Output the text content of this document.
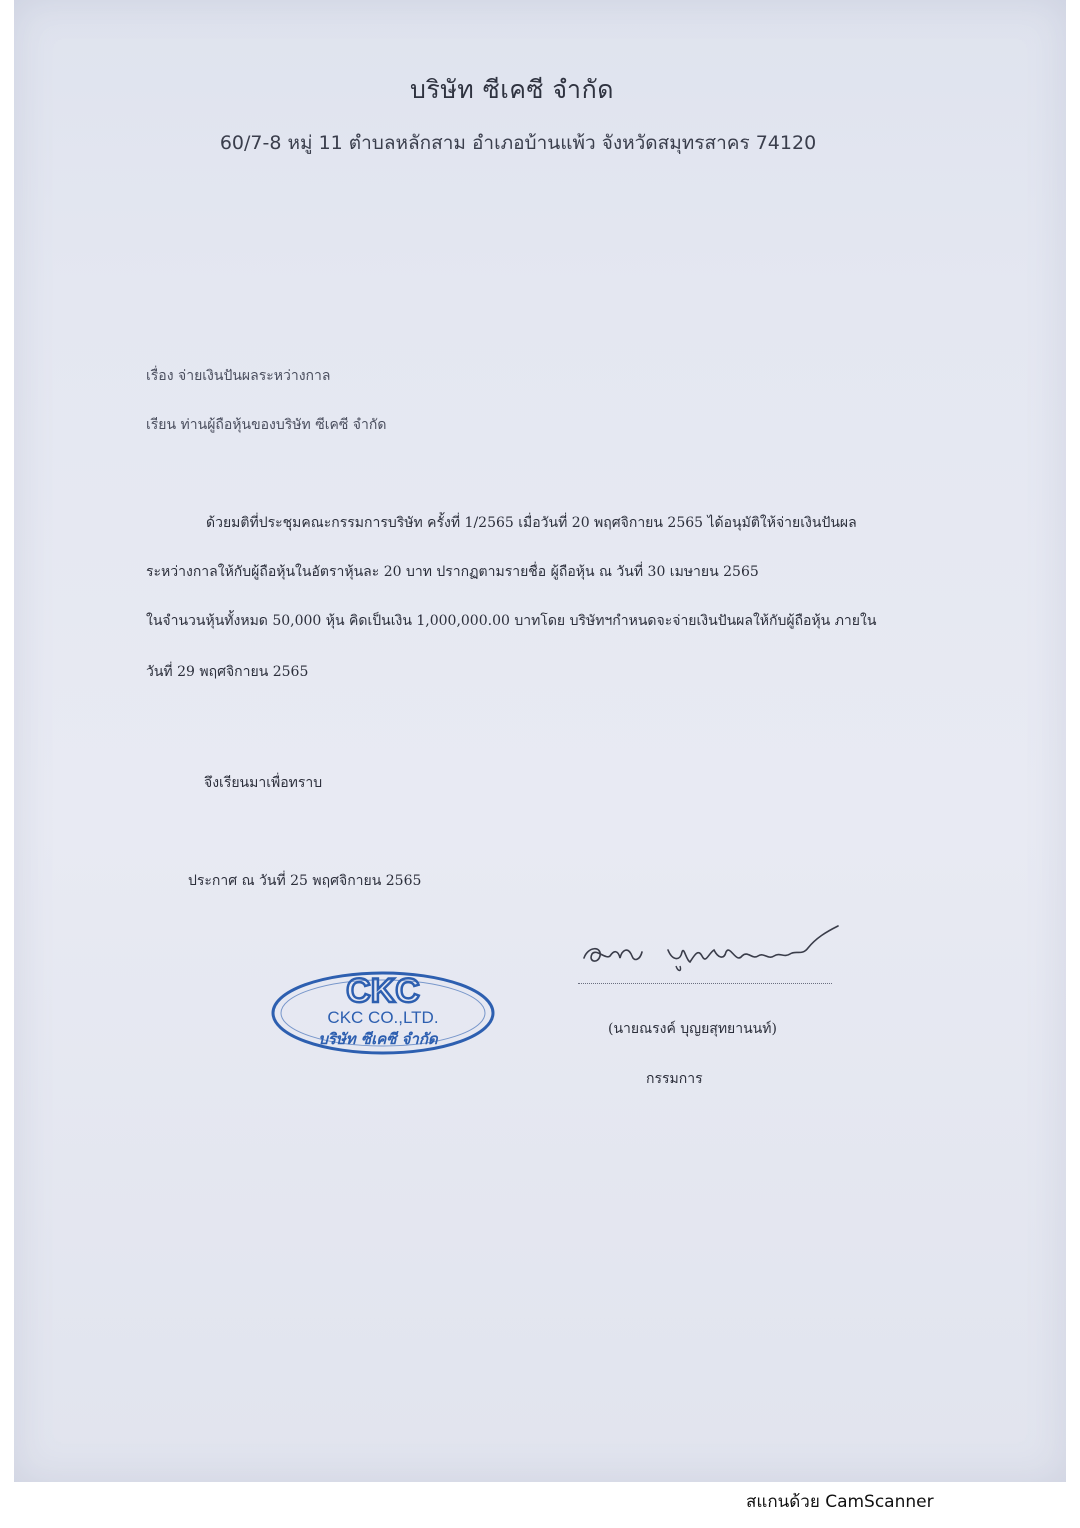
บริษัท ซีเคซี จำกัด
60/7-8 หมู่ 11 ตำบลหลักสาม อำเภอบ้านแพ้ว จังหวัดสมุทรสาคร 74120
เรื่อง จ่ายเงินปันผลระหว่างกาล
เรียน ท่านผู้ถือหุ้นของบริษัท ซีเคซี จำกัด
ด้วยมติที่ประชุมคณะกรรมการบริษัท ครั้งที่ 1/2565 เมื่อวันที่ 20 พฤศจิกายน 2565 ได้อนุมัติให้จ่ายเงินปันผล
ระหว่างกาลให้กับผู้ถือหุ้นในอัตราหุ้นละ 20 บาท ปรากฏตามรายชื่อ ผู้ถือหุ้น ณ วันที่ 30 เมษายน 2565
ในจำนวนหุ้นทั้งหมด 50,000 หุ้น คิดเป็นเงิน 1,000,000.00 บาทโดย บริษัทฯกำหนดจะจ่ายเงินปันผลให้กับผู้ถือหุ้น ภายใน
วันที่ 29 พฤศจิกายน 2565
จึงเรียนมาเพื่อทราบ
ประกาศ ณ วันที่ 25 พฤศจิกายน 2565
(นายณรงค์ บุญยสุทยานนท์)
กรรมการ
CKC
CKC CO.,LTD.
บริษัท ซีเคซี จำกัด
สแกนด้วย CamScanner
